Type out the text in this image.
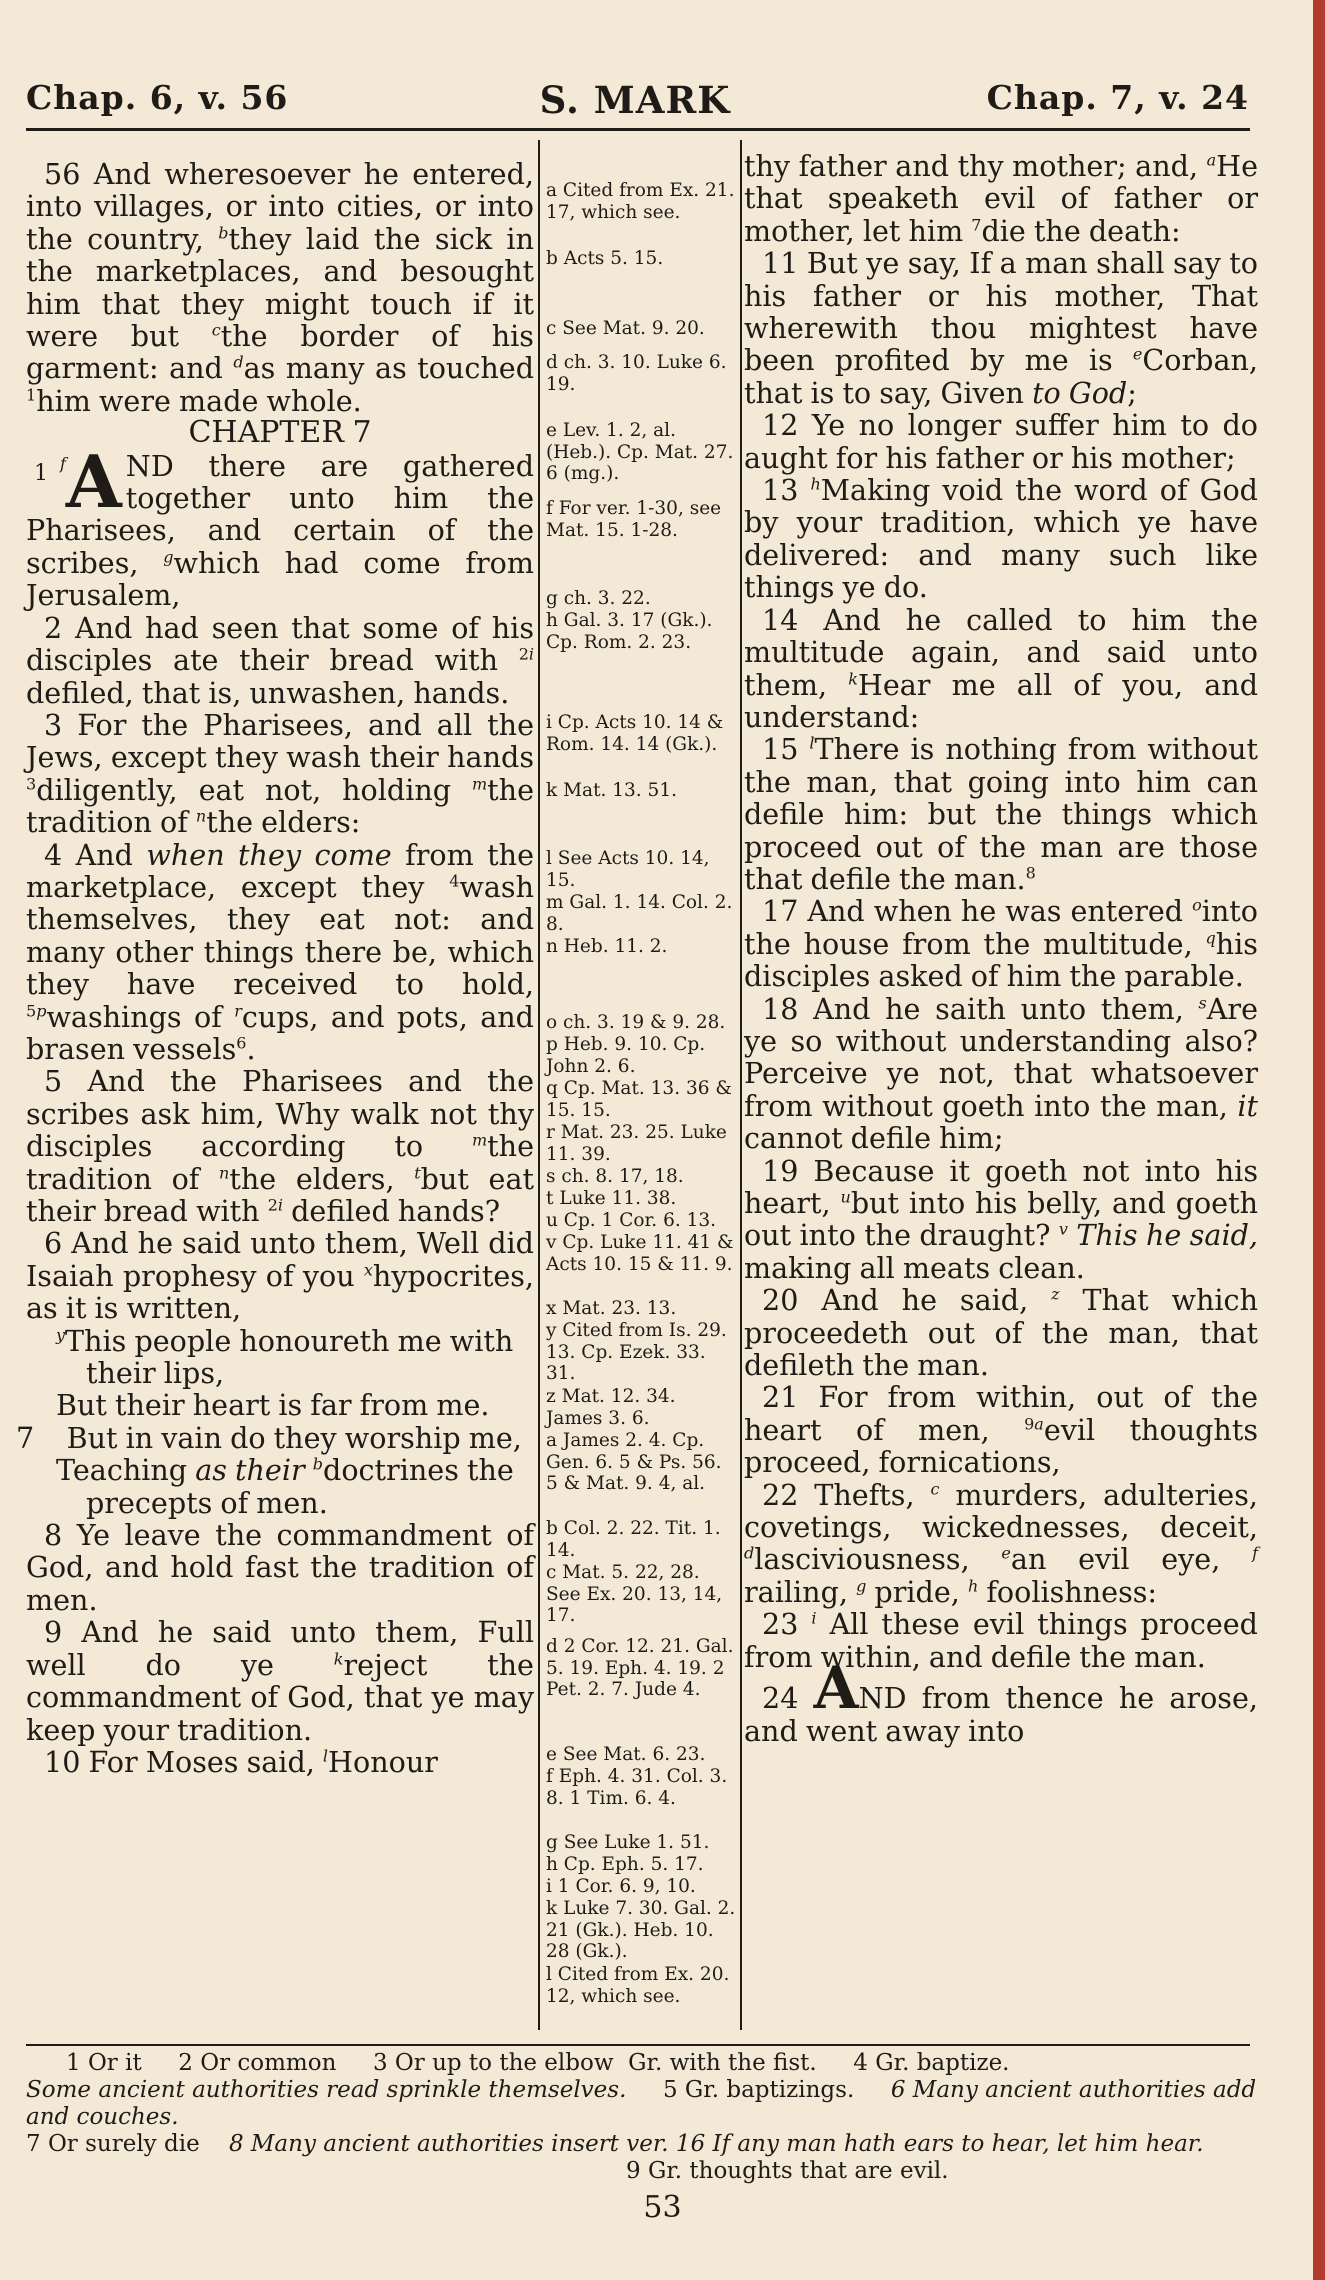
Chap. 6, v. 56	S. MARK	Chap. 7, v. 24

56 And wheresoever he entered, into villages, or into cities, or into the country, $^b$they laid the sick in the marketplaces, and besought him that they might touch if it were but $^c$the border of his garment: and $^d$as many as touched $^1$him were made whole.

CHAPTER 7

1 f A ND there are gathered together unto him the Pharisees, and certain of the scribes, $^g$which had come from Jerusalem,

2 And had seen that some of his disciples ate their bread with $^{2i}$ defiled, that is, unwashen, hands.

3 For the Pharisees, and all the Jews, except they wash their hands $^3$diligently, eat not, holding $^m$the tradition of $^n$the elders:

4 And when they come from the marketplace, except they $^4$wash themselves, they eat not: and many other things there be, which they have received to hold, $^{5p}$washings of $^r$cups, and pots, and brasen vessels$^6$.

5 And the Pharisees and the scribes ask him, Why walk not thy disciples according to $^m$the tradition of $^n$the elders, $^t$but eat their bread with $^{2i}$ defiled hands?

6 And he said unto them, Well did Isaiah prophesy of you $^x$hypocrites, as it is written,

$^y$This people honoureth me with their lips,

But their heart is far from me.

7    But in vain do they worship me,

Teaching as their $^b$doctrines the precepts of men.

8 Ye leave the commandment of God, and hold fast the tradition of men.

9 And he said unto them, Full well do ye $^k$reject the commandment of God, that ye may keep your tradition.

10 For Moses said, $^l$Honour

a Cited from Ex. 21. 17, which see.
b Acts 5. 15.
c See Mat. 9. 20.
d ch. 3. 10. Luke 6. 19.
e Lev. 1. 2, al. (Heb.). Cp. Mat. 27. 6 (mg.).
f For ver. 1-30, see Mat. 15. 1-28.
g ch. 3. 22.
h Gal. 3. 17 (Gk.). Cp. Rom. 2. 23.
i Cp. Acts 10. 14 & Rom. 14. 14 (Gk.).
k Mat. 13. 51.
l See Acts 10. 14, 15.
m Gal. 1. 14. Col. 2. 8.
n Heb. 11. 2.
o ch. 3. 19 & 9. 28.
p Heb. 9. 10. Cp. John 2. 6.
q Cp. Mat. 13. 36 & 15. 15.
r Mat. 23. 25. Luke 11. 39.
s ch. 8. 17, 18.
t Luke 11. 38.
u Cp. 1 Cor. 6. 13.
v Cp. Luke 11. 41 & Acts 10. 15 & 11. 9.
x Mat. 23. 13.
y Cited from Is. 29. 13. Cp. Ezek. 33. 31.
z Mat. 12. 34. James 3. 6.
a James 2. 4. Cp. Gen. 6. 5 & Ps. 56. 5 & Mat. 9. 4, al.
b Col. 2. 22. Tit. 1. 14.
c Mat. 5. 22, 28. See Ex. 20. 13, 14, 17.
d 2 Cor. 12. 21. Gal. 5. 19. Eph. 4. 19. 2 Pet. 2. 7. Jude 4.
e See Mat. 6. 23.
f Eph. 4. 31. Col. 3. 8. 1 Tim. 6. 4.
g See Luke 1. 51.
h Cp. Eph. 5. 17.
i 1 Cor. 6. 9, 10.
k Luke 7. 30. Gal. 2. 21 (Gk.). Heb. 10. 28 (Gk.).
l Cited from Ex. 20. 12, which see.

thy father and thy mother; and, $^a$He that speaketh evil of father or mother, let him $^7$die the death:

11 But ye say, If a man shall say to his father or his mother, That wherewith thou mightest have been profited by me is $^e$Corban, that is to say, Given to God;

12 Ye no longer suffer him to do aught for his father or his mother;

13 $^h$Making void the word of God by your tradition, which ye have delivered: and many such like things ye do.

14 And he called to him the multitude again, and said unto them, $^k$Hear me all of you, and understand:

15 $^l$There is nothing from without the man, that going into him can defile him: but the things which proceed out of the man are those that defile the man.$^8$

17 And when he was entered $^o$into the house from the multitude, $^q$his disciples asked of him the parable.

18 And he saith unto them, $^s$Are ye so without understanding also? Perceive ye not, that whatsoever from without goeth into the man, it cannot defile him;

19 Because it goeth not into his heart, $^u$but into his belly, and goeth out into the draught? $^v$ This he said, making all meats clean.

20 And he said, $^z$ That which proceedeth out of the man, that defileth the man.

21 For from within, out of the heart of men, $^{9a}$evil thoughts proceed, fornications,

22 Thefts, $^c$ murders, adulteries, covetings, wickednesses, deceit, $^d$lasciviousness, $^e$an evil eye, $^f$ railing, $^g$ pride, $^h$ foolishness:

23 $^i$ All these evil things proceed from within, and defile the man.

24 AND from thence he arose, and went away into

1 Or it 2 Or common 3 Or up to the elbow Gr. with the fist. 4 Gr. baptize.
Some ancient authorities read sprinkle themselves. 5 Gr. baptizings. 6 Many ancient authorities add and couches.
7 Or surely die 8 Many ancient authorities insert ver. 16 If any man hath ears to hear, let him hear.
9 Gr. thoughts that are evil.
53
